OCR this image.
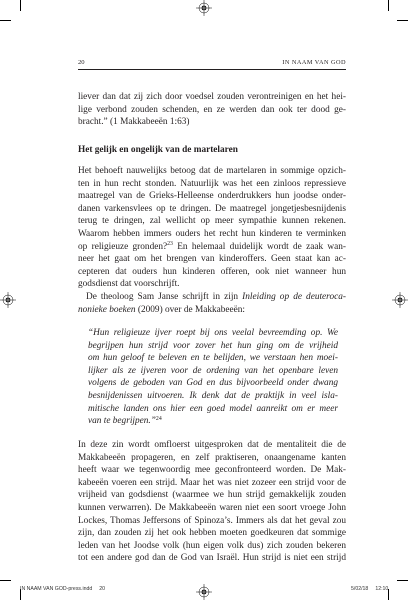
20	IN NAAM VAN GOD
liever dan dat zij zich door voedsel zouden verontreinigen en het hei-
lige verbond zouden schenden, en ze werden dan ook ter dood ge-
bracht.” (1 Makkabeeën 1:63)
Het gelijk en ongelijk van de martelaren
Het behoeft nauwelijks betoog dat de martelaren in sommige opzich-
ten in hun recht stonden. Natuurlijk was het een zinloos repressieve
maatregel van de Grieks-Helleense onderdrukkers hun joodse onder-
danen varkensvlees op te dringen. De maatregel jongetjesbesnijdenis
terug te dringen, zal wellicht op meer sympathie kunnen rekenen.
Waarom hebben immers ouders het recht hun kinderen te verminken
op religieuze gronden?$^{23}$ En helemaal duidelijk wordt de zaak wan-
neer het gaat om het brengen van kinderoffers. Geen staat kan ac-
cepteren dat ouders hun kinderen offeren, ook niet wanneer hun
godsdienst dat voorschrijft.
De theoloog Sam Janse schrijft in zijn Inleiding op de deuteroca-
nonieke boeken (2009) over de Makkabeeën:
“Hun religieuze ijver roept bij ons veelal bevreemding op. We
begrijpen hun strijd voor zover het hun ging om de vrijheid
om hun geloof te beleven en te belijden, we verstaan hen moei-
lijker als ze ijveren voor de ordening van het openbare leven
volgens de geboden van God en dus bijvoorbeeld onder dwang
besnijdenissen uitvoeren. Ik denk dat de praktijk in veel isla-
mitische landen ons hier een goed model aanreikt om er meer
van te begrijpen.”$^{24}$
In deze zin wordt omfloerst uitgesproken dat de mentaliteit die de
Makkabeeën propageren, en zelf praktiseren, onaangename kanten
heeft waar we tegenwoordig mee geconfronteerd worden. De Mak-
kabeeën voeren een strijd. Maar het was niet zozeer een strijd voor de
vrijheid van godsdienst (waarmee we hun strijd gemakkelijk zouden
kunnen verwarren). De Makkabeeën waren niet een soort vroege John
Lockes, Thomas Jeffersons of Spinoza’s. Immers als dat het geval zou
zijn, dan zouden zij het ook hebben moeten goedkeuren dat sommige
leden van het Joodse volk (hun eigen volk dus) zich zouden bekeren
tot een andere god dan de God van Israël. Hun strijd is niet een strijd
IN NAAM VAN GOD-press.indd 20	5/02/18 12:10
